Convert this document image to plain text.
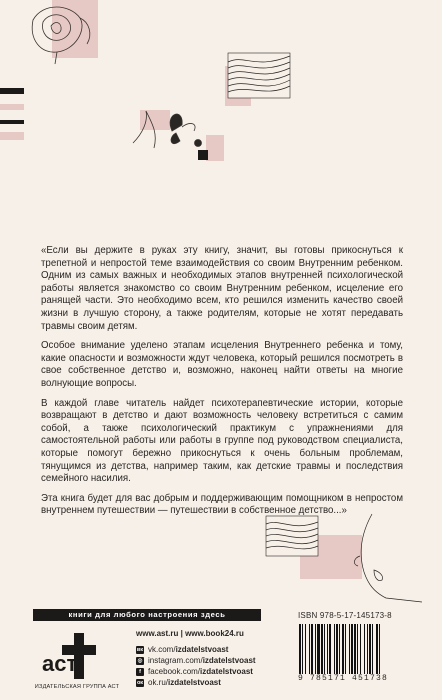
«Если вы держите в руках эту книгу, значит, вы готовы прикоснуться к трепетной и непростой теме взаимодействия со своим Внутренним ребенком. Одним из самых важных и необходимых этапов внутренней психологической работы является знакомство со своим Внутренним ребенком, исцеление его ранящей части. Это необходимо всем, кто решился изменить качество своей жизни в лучшую сторону, а также родителям, которые не хотят передавать травмы своим детям.

Особое внимание уделено этапам исцеления Внутреннего ребенка и тому, какие опасности и возможности ждут человека, который решился посмотреть в свое собственное детство и, возможно, наконец найти ответы на многие волнующие вопросы.

В каждой главе читатель найдет психотерапевтические истории, которые возвращают в детство и дают возможность человеку встретиться с самим собой, а также психологический практикум с упражнениями для самостоятельной работы или работы в группе под руководством специалиста, которые помогут бережно прикоснуться к очень больным проблемам, тянущимся из детства, например таким, как детские травмы и последствия семейного насилия.

Эта книга будет для вас добрым и поддерживающим помощником в непростом внутреннем путешествии — путешествии в собственное детство...»

книги для любого настроения здесь
аст
ИЗДАТЕЛЬСКАЯ ГРУППА АСТ
www.ast.ru | www.book24.ru
вк vk.com/izdatelstvoast
◎ instagram.com/izdatelstvoast
f facebook.com/izdatelstvoast
ок ok.ru/izdatelstvoast
ISBN 978-5-17-145173-8
9 785171 451738
